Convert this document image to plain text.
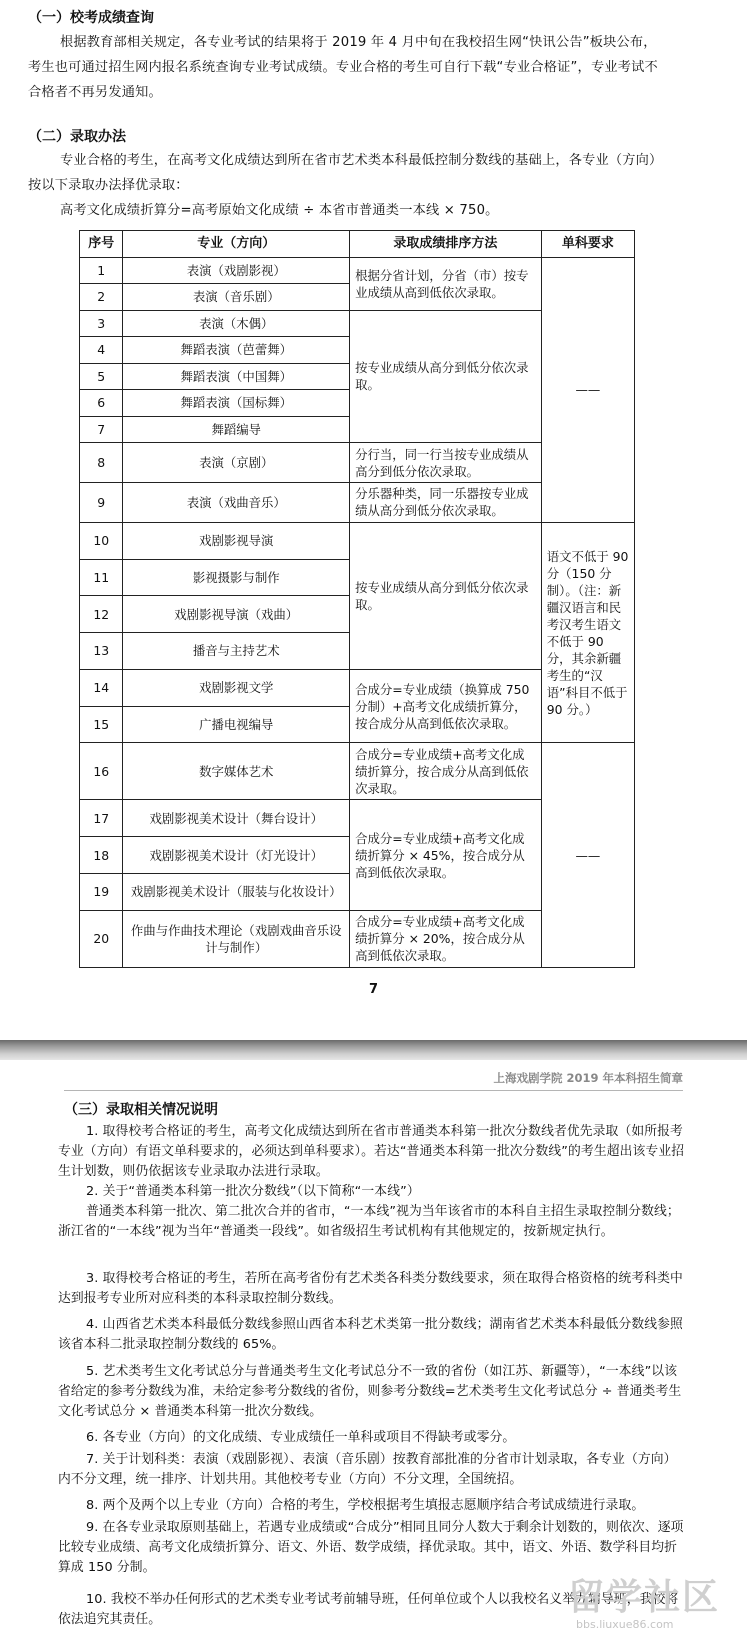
（一）校考成绩查询
根据教育部相关规定，各专业考试的结果将于 2019 年 4 月中旬在我校招生网“快讯公告”板块公布，考生也可通过招生网内报名系统查询专业考试成绩。专业合格的考生可自行下载“专业合格证”，专业考试不合格者不再另发通知。
（二）录取办法
专业合格的考生，在高考文化成绩达到所在省市艺术类本科最低控制分数线的基础上，各专业（方向）按以下录取办法择优录取：
高考文化成绩折算分=高考原始文化成绩 ÷ 本省市普通类一本线 × 750。
序号	专业（方向）	录取成绩排序方法	单科要求
1	表演（戏剧影视）	根据分省计划，分省（市）按专业成绩从高到低依次录取。	——
2	表演（音乐剧）		
3	表演（木偶）	按专业成绩从高分到低分依次录取。	
4	舞蹈表演（芭蕾舞）		
5	舞蹈表演（中国舞）		
6	舞蹈表演（国标舞）		
7	舞蹈编导		
8	表演（京剧）	分行当，同一行当按专业成绩从高分到低分依次录取。	
9	表演（戏曲音乐）	分乐器种类，同一乐器按专业成绩从高分到低分依次录取。	
10	戏剧影视导演	按专业成绩从高分到低分依次录取。	语文不低于 90 分（150 分制）。（注：新疆汉语言和民考汉考生语文不低于 90 分，其余新疆考生的“汉语”科目不低于 90 分。）
11	影视摄影与制作		
12	戏剧影视导演（戏曲）		
13	播音与主持艺术		
14	戏剧影视文学	合成分=专业成绩（换算成 750 分制）+高考文化成绩折算分，按合成分从高到低依次录取。	
15	广播电视编导		
16	数字媒体艺术	合成分=专业成绩+高考文化成绩折算分，按合成分从高到低依次录取。	——
17	戏剧影视美术设计（舞台设计）	合成分=专业成绩+高考文化成绩折算分 × 45%，按合成分从高到低依次录取。	
18	戏剧影视美术设计（灯光设计）		
19	戏剧影视美术设计（服装与化妆设计）		
20	作曲与作曲技术理论（戏剧戏曲音乐设计与制作）	合成分=专业成绩+高考文化成绩折算分 × 20%，按合成分从高到低依次录取。	
7
上海戏剧学院 2019 年本科招生简章
（三）录取相关情况说明
1. 取得校考合格证的考生，高考文化成绩达到所在省市普通类本科第一批次分数线者优先录取（如所报考专业（方向）有语文单科要求的，必须达到单科要求）。若达“普通类本科第一批次分数线”的考生超出该专业招生计划数，则仍依据该专业录取办法进行录取。
2. 关于“普通类本科第一批次分数线”（以下简称“一本线”）
普通类本科第一批次、第二批次合并的省市，“一本线”视为当年该省市的本科自主招生录取控制分数线；浙江省的“一本线”视为当年“普通类一段线”。如省级招生考试机构有其他规定的，按新规定执行。
3. 取得校考合格证的考生，若所在高考省份有艺术类各科类分数线要求，须在取得合格资格的统考科类中达到报考专业所对应科类的本科录取控制分数线。
4. 山西省艺术类本科最低分数线参照山西省本科艺术类第一批分数线；湖南省艺术类本科最低分数线参照该省本科二批录取控制分数线的 65%。
5. 艺术类考生文化考试总分与普通类考生文化考试总分不一致的省份（如江苏、新疆等），“一本线”以该省给定的参考分数线为准，未给定参考分数线的省份，则参考分数线=艺术类考生文化考试总分 ÷ 普通类考生文化考试总分 × 普通类本科第一批次分数线。
6. 各专业（方向）的文化成绩、专业成绩任一单科或项目不得缺考或零分。
7. 关于计划科类：表演（戏剧影视）、表演（音乐剧）按教育部批准的分省市计划录取，各专业（方向）内不分文理，统一排序、计划共用。其他校考专业（方向）不分文理，全国统招。
8. 两个及两个以上专业（方向）合格的考生，学校根据考生填报志愿顺序结合考试成绩进行录取。
9. 在各专业录取原则基础上，若遇专业成绩或“合成分”相同且同分人数大于剩余计划数的，则依次、逐项比较专业成绩、高考文化成绩折算分、语文、外语、数学成绩，择优录取。其中，语文、外语、数学科目均折算成 150 分制。
10. 我校不举办任何形式的艺术类专业考试考前辅导班，任何单位或个人以我校名义举办辅导班，我校将依法追究其责任。
留学社区
bbs.liuxue86.com
